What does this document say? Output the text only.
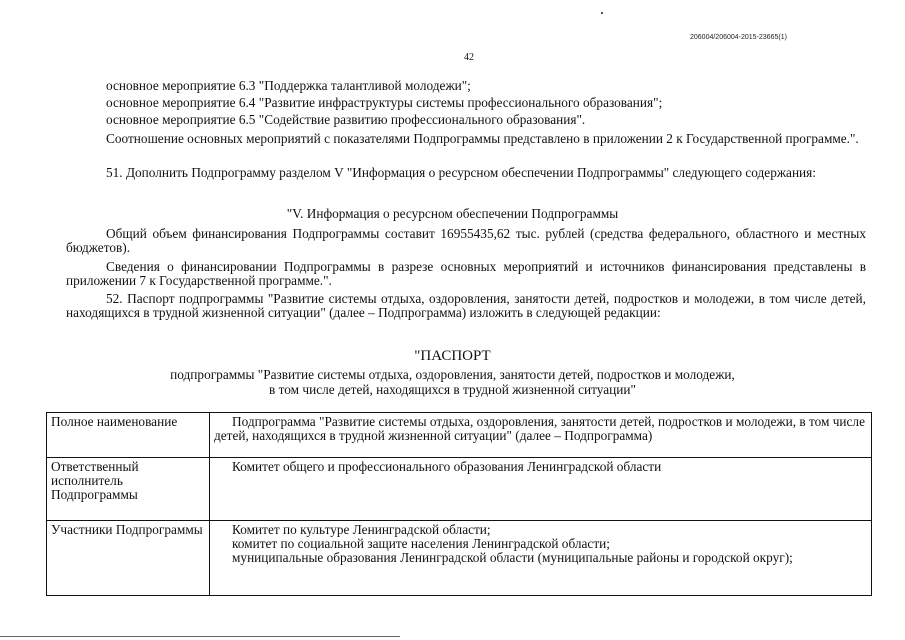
206004/206004-2015-23665(1)
42

основное мероприятие 6.3 "Поддержка талантливой молодежи";

основное мероприятие 6.4 "Развитие инфраструктуры системы профессионального образования";

основное мероприятие 6.5 "Содействие развитию профессионального образования".

Соотношение основных мероприятий с показателями Подпрограммы представлено в приложении 2 к Государственной программе.".

51. Дополнить Подпрограмму разделом V "Информация о ресурсном обеспечении Подпрограммы" следующего содержания:

"V. Информация о ресурсном обеспечении Подпрограммы

Общий объем финансирования Подпрограммы составит 16955435,62 тыс. рублей (средства федерального, областного и местных бюджетов).

Сведения о финансировании Подпрограммы в разрезе основных мероприятий и источников финансирования представлены в приложении 7 к Государственной программе.".

52. Паспорт подпрограммы "Развитие системы отдыха, оздоровления, занятости детей, подростков и молодежи, в том числе детей, находящихся в трудной жизненной ситуации" (далее – Подпрограмма) изложить в следующей редакции:

"ПАСПОРТ
подпрограммы "Развитие системы отдыха, оздоровления, занятости детей, подростков и молодежи,
в том числе детей, находящихся в трудной жизненной ситуации"
Полное наименование	Подпрограмма "Развитие системы отдыха, оздоровления, занятости детей, подростков и молодежи, в том числе детей, находящихся в трудной жизненной ситуации" (далее – Подпрограмма)

Ответственный исполнитель Подпрограммы	Комитет общего и профессионального образования Ленинградской области

Участники Подпрограммы	Комитет по культуре Ленинградской области;
комитет по социальной защите населения Ленинградской области;
муниципальные образования Ленинградской области (муниципальные районы и городской округ);
